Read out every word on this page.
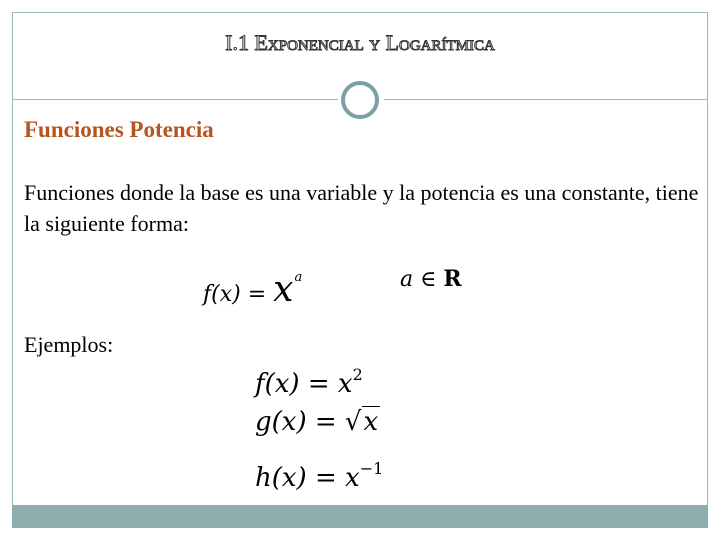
I.1 Exponencial y Logarítmica
Funciones Potencia
Funciones donde la base es una variable y la potencia es una constante, tiene la siguiente forma:
$f(x) = x^a$	a ∈ R
Ejemplos:
$f(x) = x^2$
g(x) = √x
$h(x) = x^{-1}$
